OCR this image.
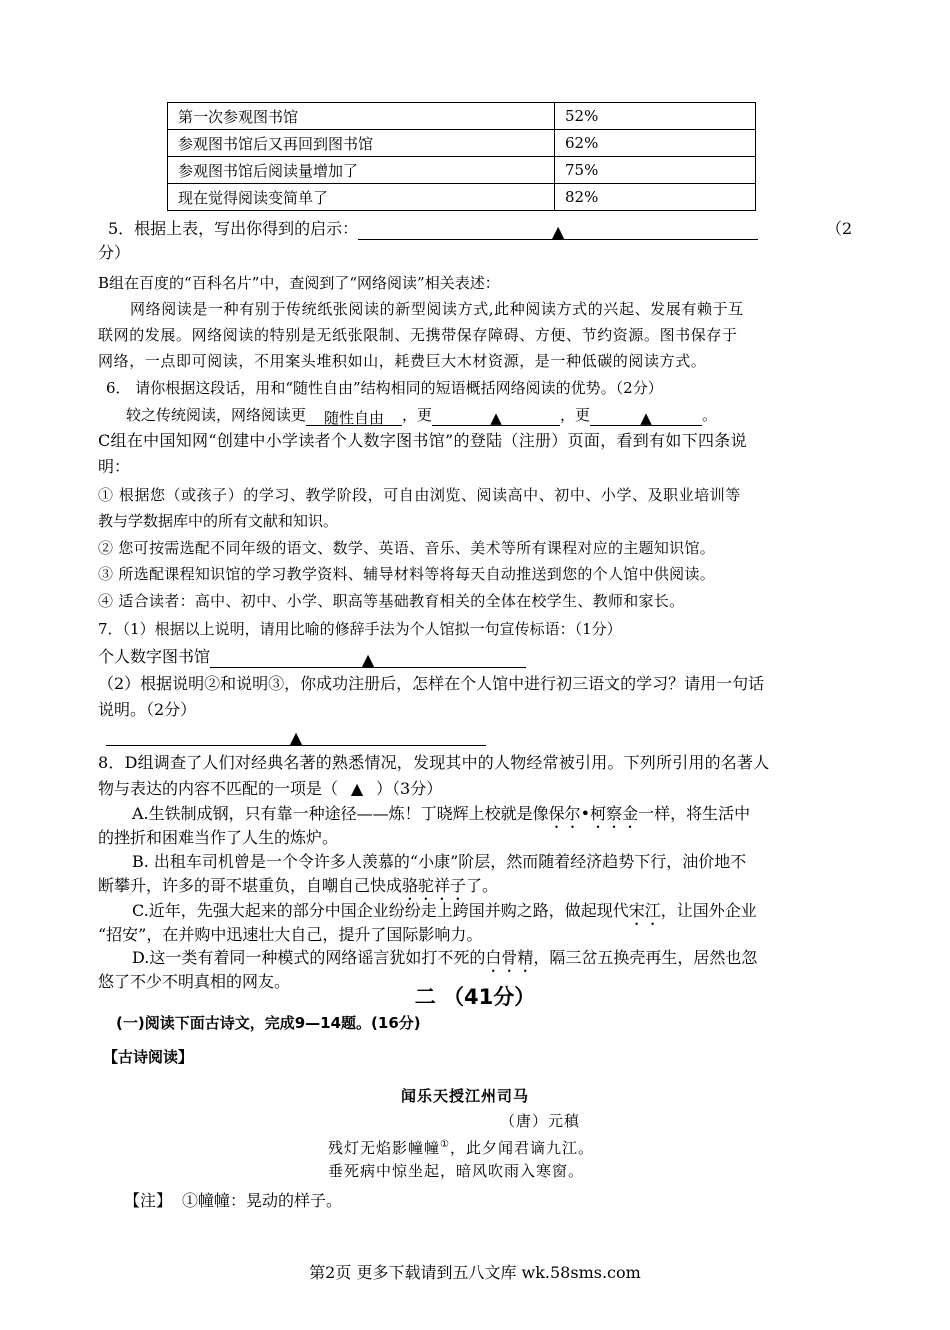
第一次参观图书馆	52%
参观图书馆后又再回到图书馆	62%
参观图书馆后阅读量增加了	75%
现在觉得阅读变简单了	82%
5．根据上表，写出你得到的启示：	▲	（2
分）
B组在百度的“百科名片”中，查阅到了“网络阅读”相关表述：
网络阅读是一种有别于传统纸张阅读的新型阅读方式,此种阅读方式的兴起、发展有赖于互
联网的发展。网络阅读的特别是无纸张限制、无携带保存障碍、方便、节约资源。图书保存于
网络，一点即可阅读，不用案头堆积如山，耗费巨大木材资源，是一种低碳的阅读方式。
6． 请你根据这段话，用和“随性自由”结构相同的短语概括网络阅读的优势。（2分）
较之传统阅读，网络阅读更 随性自由 ，更	▲	，更	▲	。
C组在中国知网“创建中小学读者个人数字图书馆”的登陆（注册）页面，看到有如下四条说
明：
① 根据您（或孩子）的学习、教学阶段，可自由浏览、阅读高中、初中、小学、及职业培训等
教与学数据库中的所有文献和知识。
② 您可按需选配不同年级的语文、数学、英语、音乐、美术等所有课程对应的主题知识馆。
③ 所选配课程知识馆的学习教学资料、辅导材料等将每天自动推送到您的个人馆中供阅读。
④ 适合读者：高中、初中、小学、职高等基础教育相关的全体在校学生、教师和家长。
7．（1）根据以上说明，请用比喻的修辞手法为个人馆拟一句宣传标语：（1分）
个人数字图书馆	▲
（2）根据说明②和说明③，你成功注册后，怎样在个人馆中进行初三语文的学习？请用一句话
说明。（2分）
▲
8．D组调查了人们对经典名著的熟悉情况，发现其中的人物经常被引用。下列所引用的名著人
物与表达的内容不匹配的一项是（ ▲ ）（3分）
A.生铁制成钢，只有靠一种途径——炼！丁晓辉上校就是像保尔•柯察金一样，将生活中
的挫折和困难当作了人生的炼炉。
B. 出租车司机曾是一个令许多人羡慕的“小康”阶层，然而随着经济趋势下行，油价地不
断攀升，许多的哥不堪重负，自嘲自己快成骆驼祥子了。
C.近年，先强大起来的部分中国企业纷纷走上跨国并购之路，做起现代宋江，让国外企业
“招安”，在并购中迅速壮大自己，提升了国际影响力。
D.这一类有着同一种模式的网络谣言犹如打不死的白骨精，隔三岔五换壳再生，居然也忽
悠了不少不明真相的网友。
二 （41分）
(一)阅读下面古诗文，完成9—14题。(16分)
【古诗阅读】
闻乐天授江州司马
（唐）元稹
残灯无焰影幢幢①，此夕闻君谪九江。
垂死病中惊坐起，暗风吹雨入寒窗。
【注】 ①幢幢：晃动的样子。
第2页 更多下载请到五八文库 wk.58sms.com
